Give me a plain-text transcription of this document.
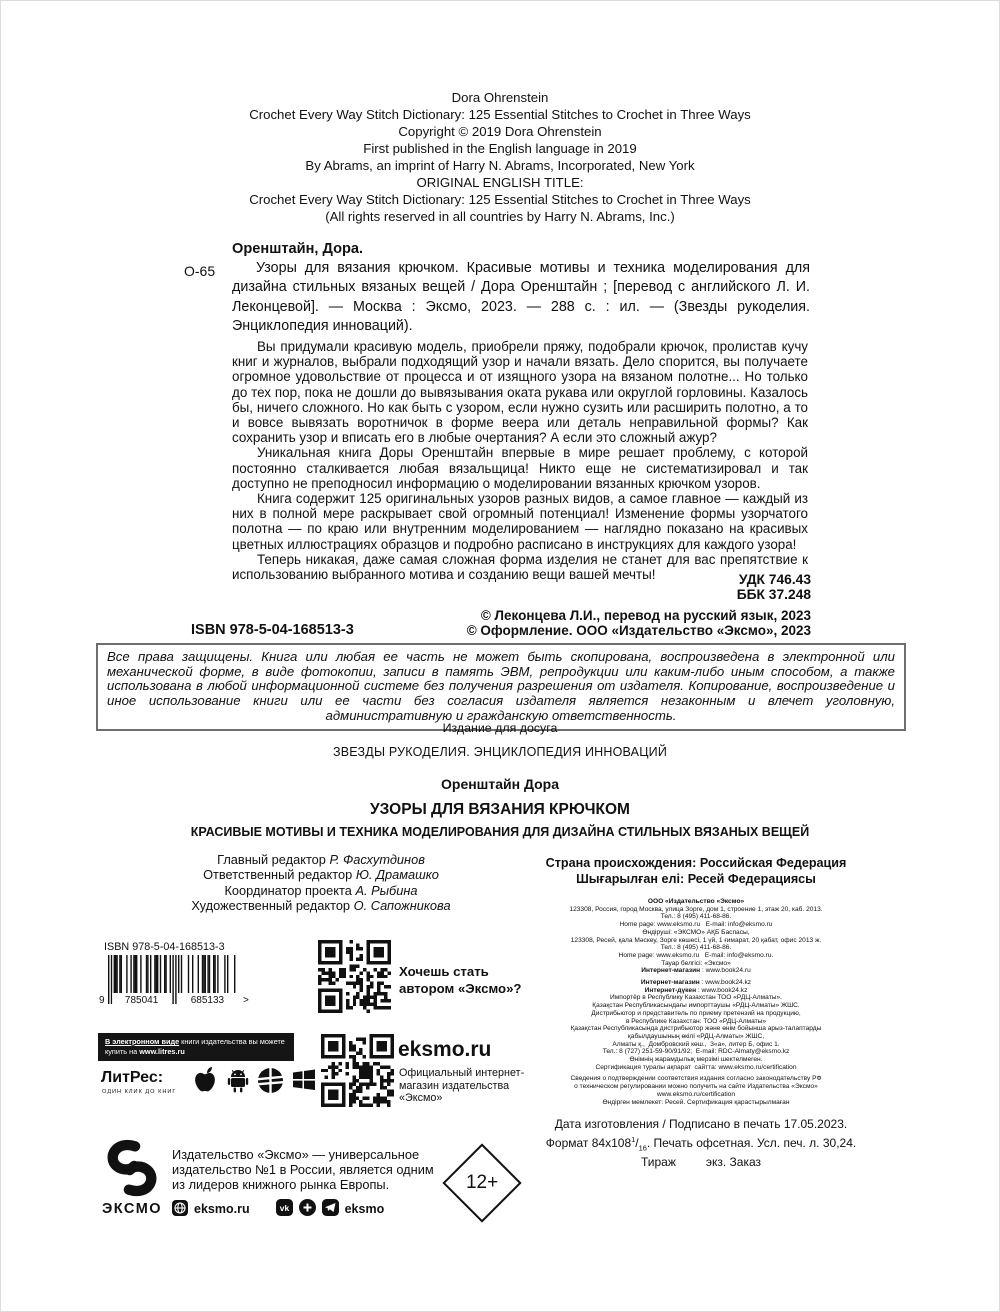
Dora Ohrenstein
Crochet Every Way Stitch Dictionary: 125 Essential Stitches to Crochet in Three Ways
Copyright © 2019 Dora Ohrenstein
First published in the English language in 2019
By Abrams, an imprint of Harry N. Abrams, Incorporated, New York
ORIGINAL ENGLISH TITLE:
Crochet Every Way Stitch Dictionary: 125 Essential Stitches to Crochet in Three Ways
(All rights reserved in all countries by Harry N. Abrams, Inc.)
О-65
Оренштайн, Дора.
Узоры для вязания крючком. Красивые мотивы и техника моделирования для дизайна стильных вязаных вещей / Дора Оренштайн ; [перевод с английского Л. И. Леконцевой]. — Москва : Эксмо, 2023. — 288 с. : ил. — (Звезды рукоделия. Энциклопедия инноваций).

Вы придумали красивую модель, приобрели пряжу, подобрали крючок, пролистав кучу книг и журналов, выбрали подходящий узор и начали вязать. Дело спорится, вы получаете огромное удовольствие от процесса и от изящного узора на вязаном полотне... Но только до тех пор, пока не дошли до вывязывания оката рукава или округлой горловины. Казалось бы, ничего сложного. Но как быть с узором, если нужно сузить или расширить полотно, а то и вовсе вывязать воротничок в форме веера или деталь неправильной формы? Как сохранить узор и вписать его в любые очертания? А если это сложный ажур?

Уникальная книга Доры Оренштайн впервые в мире решает проблему, с которой постоянно сталкивается любая вязальщица! Никто еще не систематизировал и так доступно не преподносил информацию о моделировании вязанных крючком узоров.

Книга содержит 125 оригинальных узоров разных видов, а самое главное — каждый из них в полной мере раскрывает свой огромный потенциал! Изменение формы узорчатого полотна — по краю или внутренним моделированием — наглядно показано на красивых цветных иллюстрациях образцов и подробно расписано в инструкциях для каждого узора!

Теперь никакая, даже самая сложная форма изделия не станет для вас препятствие к использованию выбранного мотива и созданию вещи вашей мечты!	УДК 746.43
ББК 37.248
© Леконцева Л.И., перевод на русский язык, 2023
© Оформление. ООО «Издательство «Эксмо», 2023
ISBN 978-5-04-168513-3
Все права защищены. Книга или любая ее часть не может быть скопирована, воспроизведена в электронной или механической форме, в виде фотокопии, записи в память ЭВМ, репродукции или каким-либо иным способом, а также использована в любой информационной системе без получения разрешения от издателя. Копирование, воспроизведение и иное использование книги или ее части без согласия издателя является незаконным и влечет уголовную, административную и гражданскую ответственность.
Издание для досуга
ЗВЕЗДЫ РУКОДЕЛИЯ. ЭНЦИКЛОПЕДИЯ ИННОВАЦИЙ
Оренштайн Дора
УЗОРЫ ДЛЯ ВЯЗАНИЯ КРЮЧКОМ
КРАСИВЫЕ МОТИВЫ И ТЕХНИКА МОДЕЛИРОВАНИЯ ДЛЯ ДИЗАЙНА СТИЛЬНЫХ ВЯЗАНЫХ ВЕЩЕЙ
Главный редактор Р. Фасхутдинов
Ответственный редактор Ю. Драмашко
Координатор проекта А. Рыбина
Художественный редактор О. Сапожникова
Страна происхождения: Российская Федерация
Шығарылған елі: Ресей Федерациясы
ООО «Издательство «Эксмо»
123308, Россия, город Москва, улица Зорге, дом 1, строение 1, этаж 20, каб. 2013.
Тел.: 8 (495) 411-68-86.
Home page: www.eksmo.ru   E-mail: info@eksmo.ru
Өндіруші: «ЭКСМО» АҚБ Баспасы,
123308, Ресей, қала Мәскеу, Зорге көшесі, 1 үй, 1 ғимарат, 20 қабат, офис 2013 ж.
Тел.: 8 (495) 411-68-86.
Home page: www.eksmo.ru   E-mail: info@eksmo.ru.
Тауар белгісі: «Эксмо»
Интернет-магазин : www.book24.ru
Интернет-магазин : www.book24.kz
Интернет-дүкен : www.book24.kz
Импортёр в Республику Казахстан ТОО «РДЦ-Алматы».
Қазақстан Республикасындағы импорттаушы «РДЦ-Алматы» ЖШС.
Дистрибьютор и представитель по приему претензий на продукцию,
в Республике Казахстан: ТОО «РДЦ-Алматы»
Қазақстан Республикасында дистрибьютор және өнім бойынша арыз-талаптарды
қабылдаушының өкілі «РДЦ-Алматы» ЖШС,
Алматы қ.,  Домбровский көш.,  3«а», литер Б, офис 1.
Тел.: 8 (727) 251-59-90/91/92;  E-mail: RDC-Almaty@eksmo.kz
Өнімнің жарамдылық мерзімі шектелмеген.
Сертификация туралы ақпарат  сайтта: www.eksmo.ru/certification
Сведения о подтверждении соответствия издания согласно законодательству РФ
о техническом регулировании можно получить на сайте Издательства «Эксмо»
www.eksmo.ru/certification
Өндірген мемлекет: Ресей. Сертификация қарастырылмаған
Дата изготовления / Подписано в печать 17.05.2023.
Формат $84x108^1/_{16}$. Печать офсетная. Усл. печ. л. 30,24.
Тираж         экз. Заказ
ISBN 978-5-04-168513-3
9 785041	685133 >
Хочешь стать автором «Эксмо»?
В электронном виде книги издательства вы можете купить на www.litres.ru
ЛитРес:
ОДИН КЛИК ДО КНИГ
eksmo.ru
Официальный интернет-магазин издательства «Эксмо»
ЭКСМО
Издательство «Эксмо» — универсальное издательство №1 в России, является одним из лидеров книжного рынка Европы.
eksmo.ru	vk	eksmo
12+
